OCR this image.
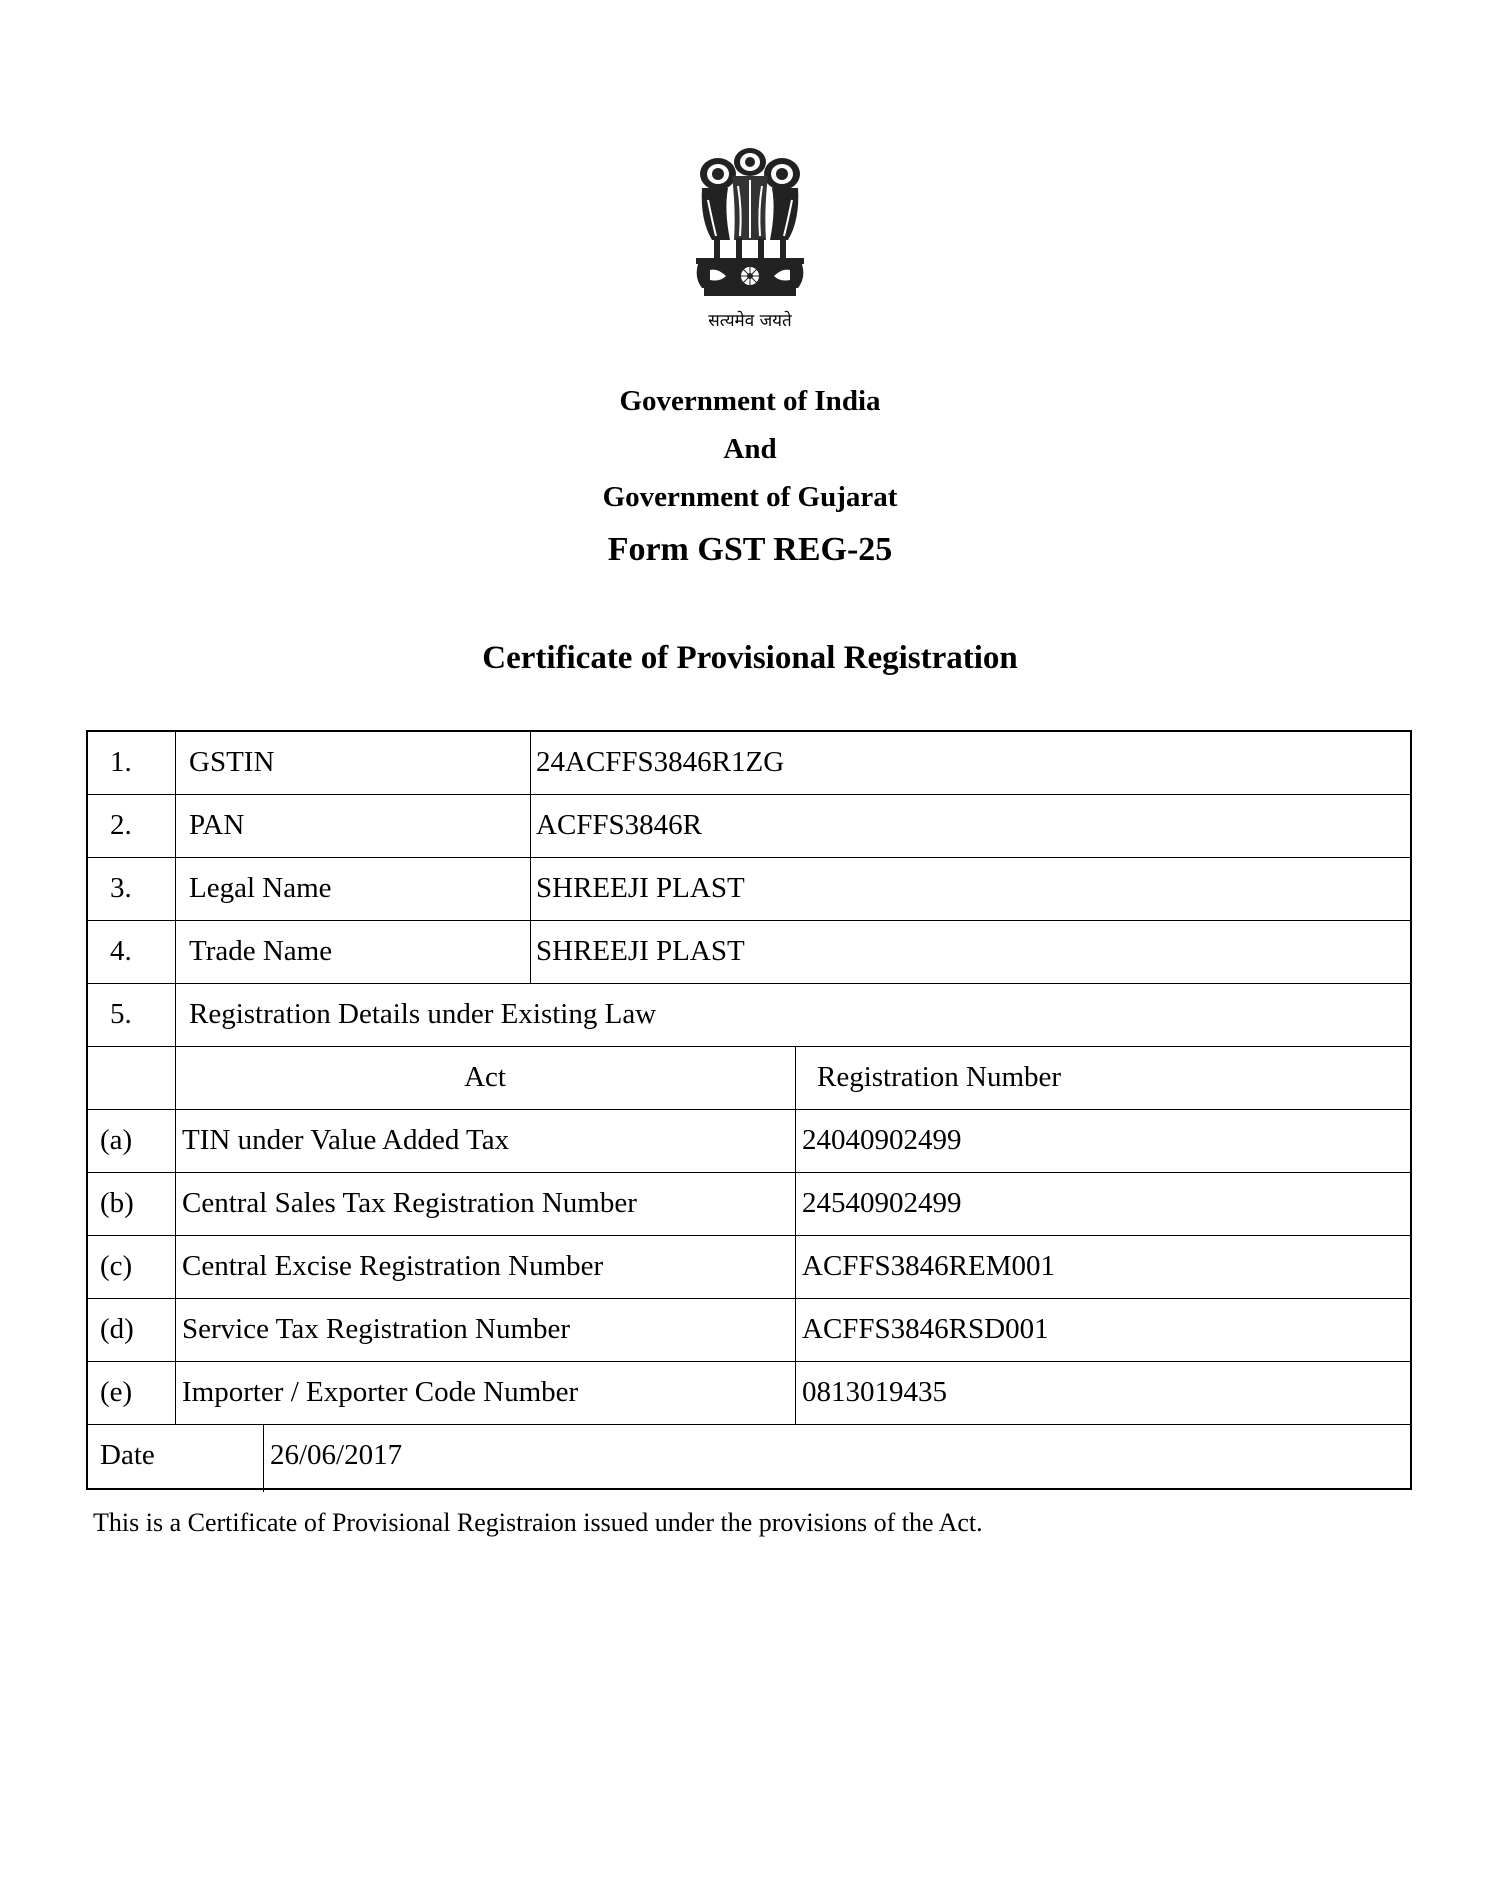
सत्यमेव जयते
Government of India
And
Government of Gujarat
Form GST REG-25
Certificate of Provisional Registration
1. GSTIN	24ACFFS3846R1ZG
2. PAN	ACFFS3846R
3. Legal Name	SHREEJI PLAST
4. Trade Name	SHREEJI PLAST
5. Registration Details under Existing Law
Act	Registration Number
(a) TIN under Value Added Tax	24040902499
(b) Central Sales Tax Registration Number	24540902499
(c) Central Excise Registration Number	ACFFS3846REM001
(d) Service Tax Registration Number	ACFFS3846RSD001
(e) Importer / Exporter Code Number	0813019435
Date	26/06/2017
This is a Certificate of Provisional Registraion issued under the provisions of the Act.
